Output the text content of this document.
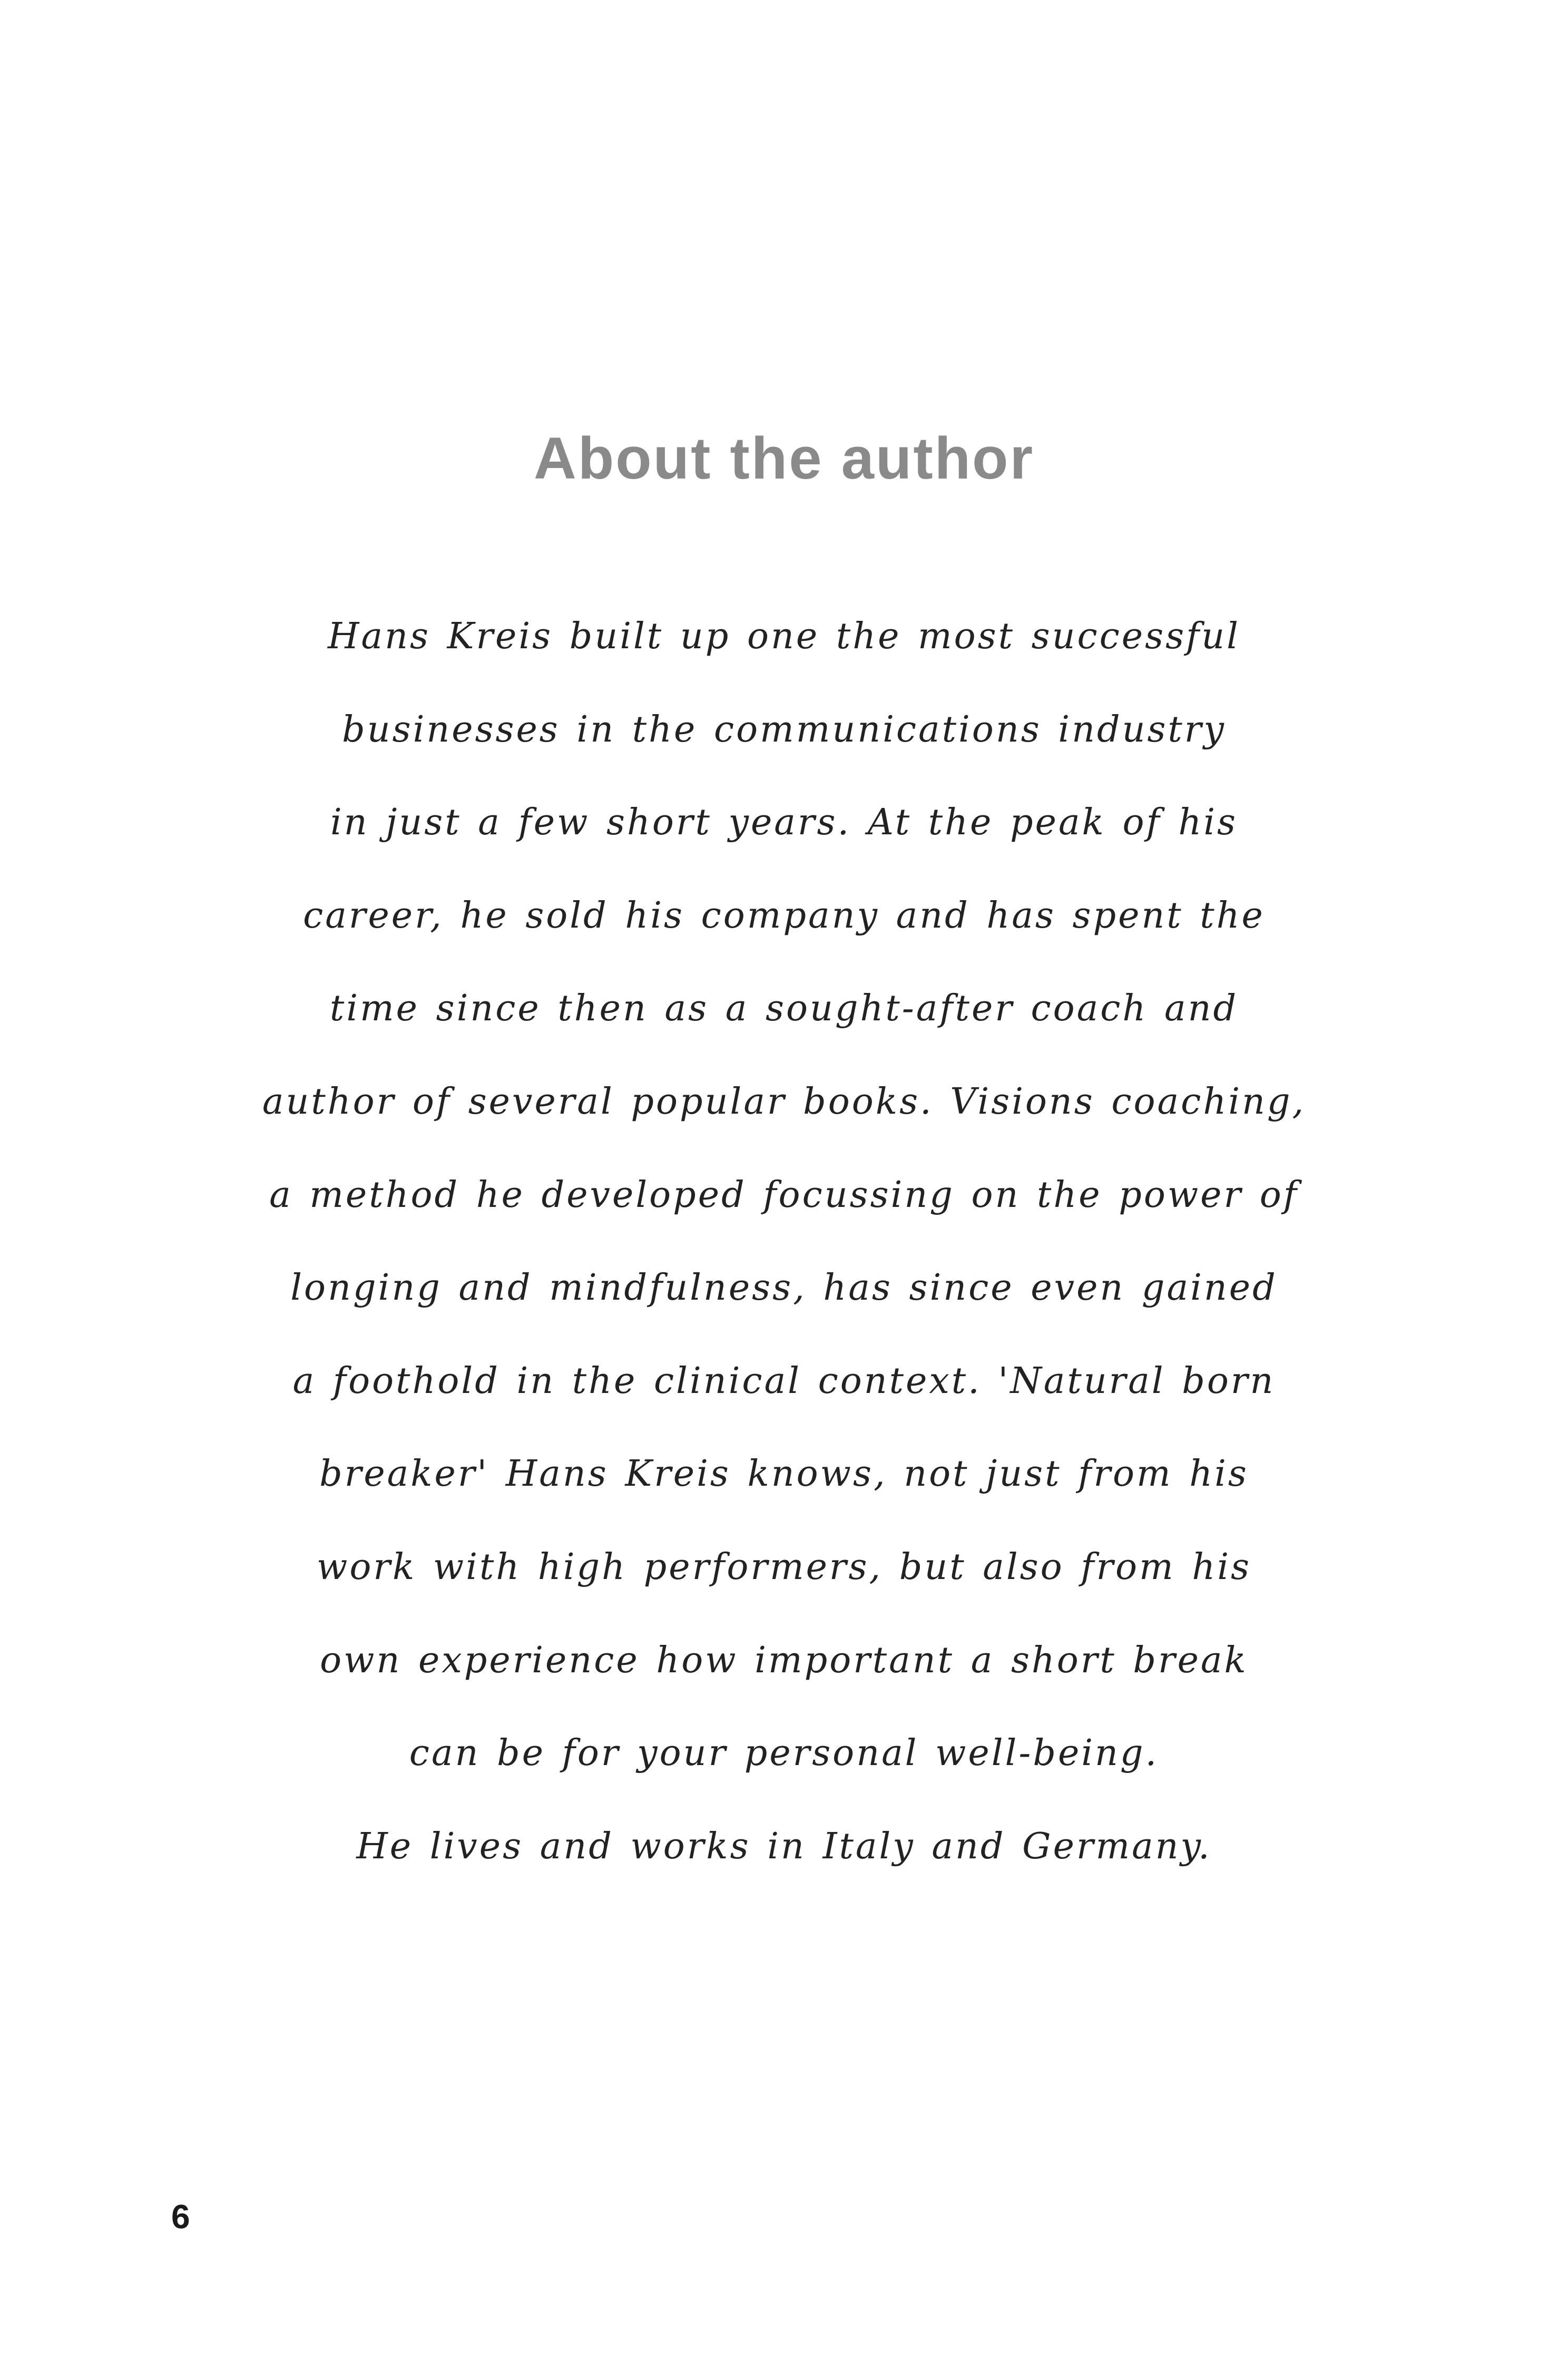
About the author
Hans Kreis built up one the most successful
businesses in the communications industry
in just a few short years. At the peak of his
career, he sold his company and has spent the
time since then as a sought-after coach and
author of several popular books. Visions coaching,
a method he developed focussing on the power of
longing and mindfulness, has since even gained
a foothold in the clinical context. 'Natural born
breaker' Hans Kreis knows, not just from his
work with high performers, but also from his
own experience how important a short break
can be for your personal well-being.
He lives and works in Italy and Germany.
6
